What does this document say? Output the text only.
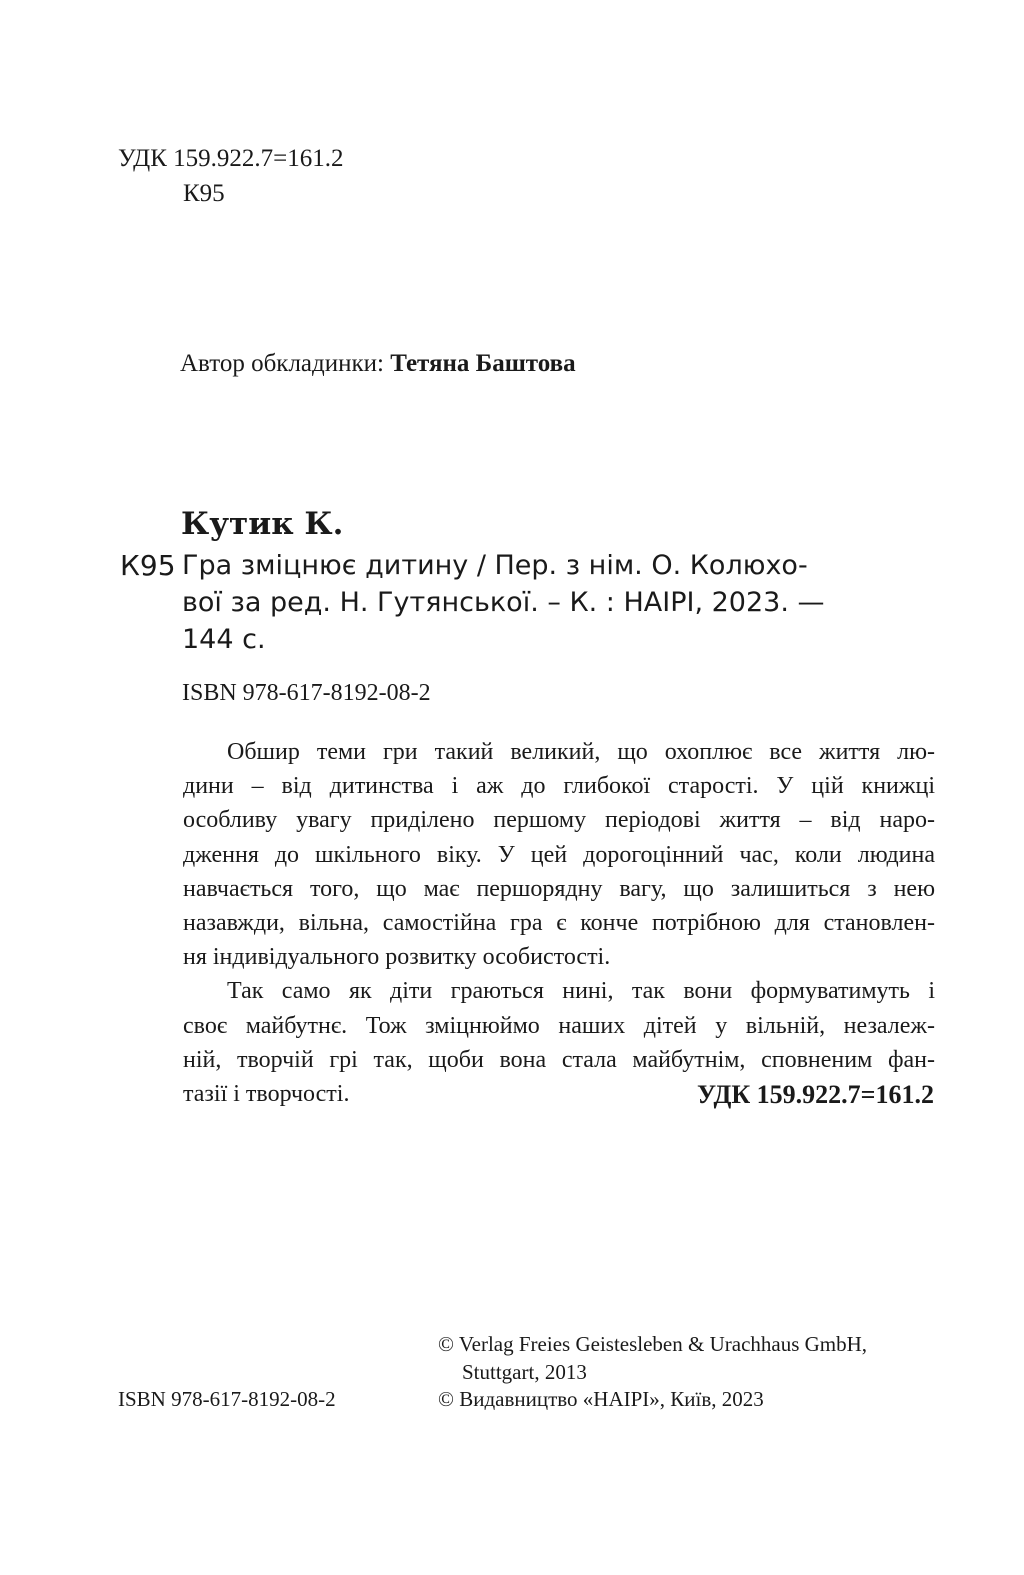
УДК 159.922.7=161.2
К95
Автор обкладинки: Тетяна Баштова
Кутик К.
К95 Гра зміцнює дитину / Пер. з нім. О. Колюхо-
вої за ред. Н. Гутянської. – К. : НАІРІ, 2023. —
144 с.
ISBN 978-617-8192-08-2

Обшир теми гри такий великий, що охоплює все життя лю-
дини – від дитинства і аж до глибокої старості. У цій книжці
особливу увагу приділено першому періодові життя – від наро-
дження до шкільного віку. У цей дорогоцінний час, коли людина
навчається того, що має першорядну вагу, що залишиться з нею
назавжди, вільна, самостійна гра є конче потрібною для становлен-
ня індивідуального розвитку особистості.

Так само як діти граються нині, так вони формуватимуть і
своє майбутнє. Тож зміцнюймо наших дітей у вільній, незалеж-
ній, творчій грі так, щоби вона стала майбутнім, сповненим фан-
тазії і творчості.	УДК 159.922.7=161.2
© Verlag Freies Geistesleben & Urachhaus GmbH,
Stuttgart, 2013
ISBN 978-617-8192-08-2	© Видавництво «НАІРІ», Київ, 2023
